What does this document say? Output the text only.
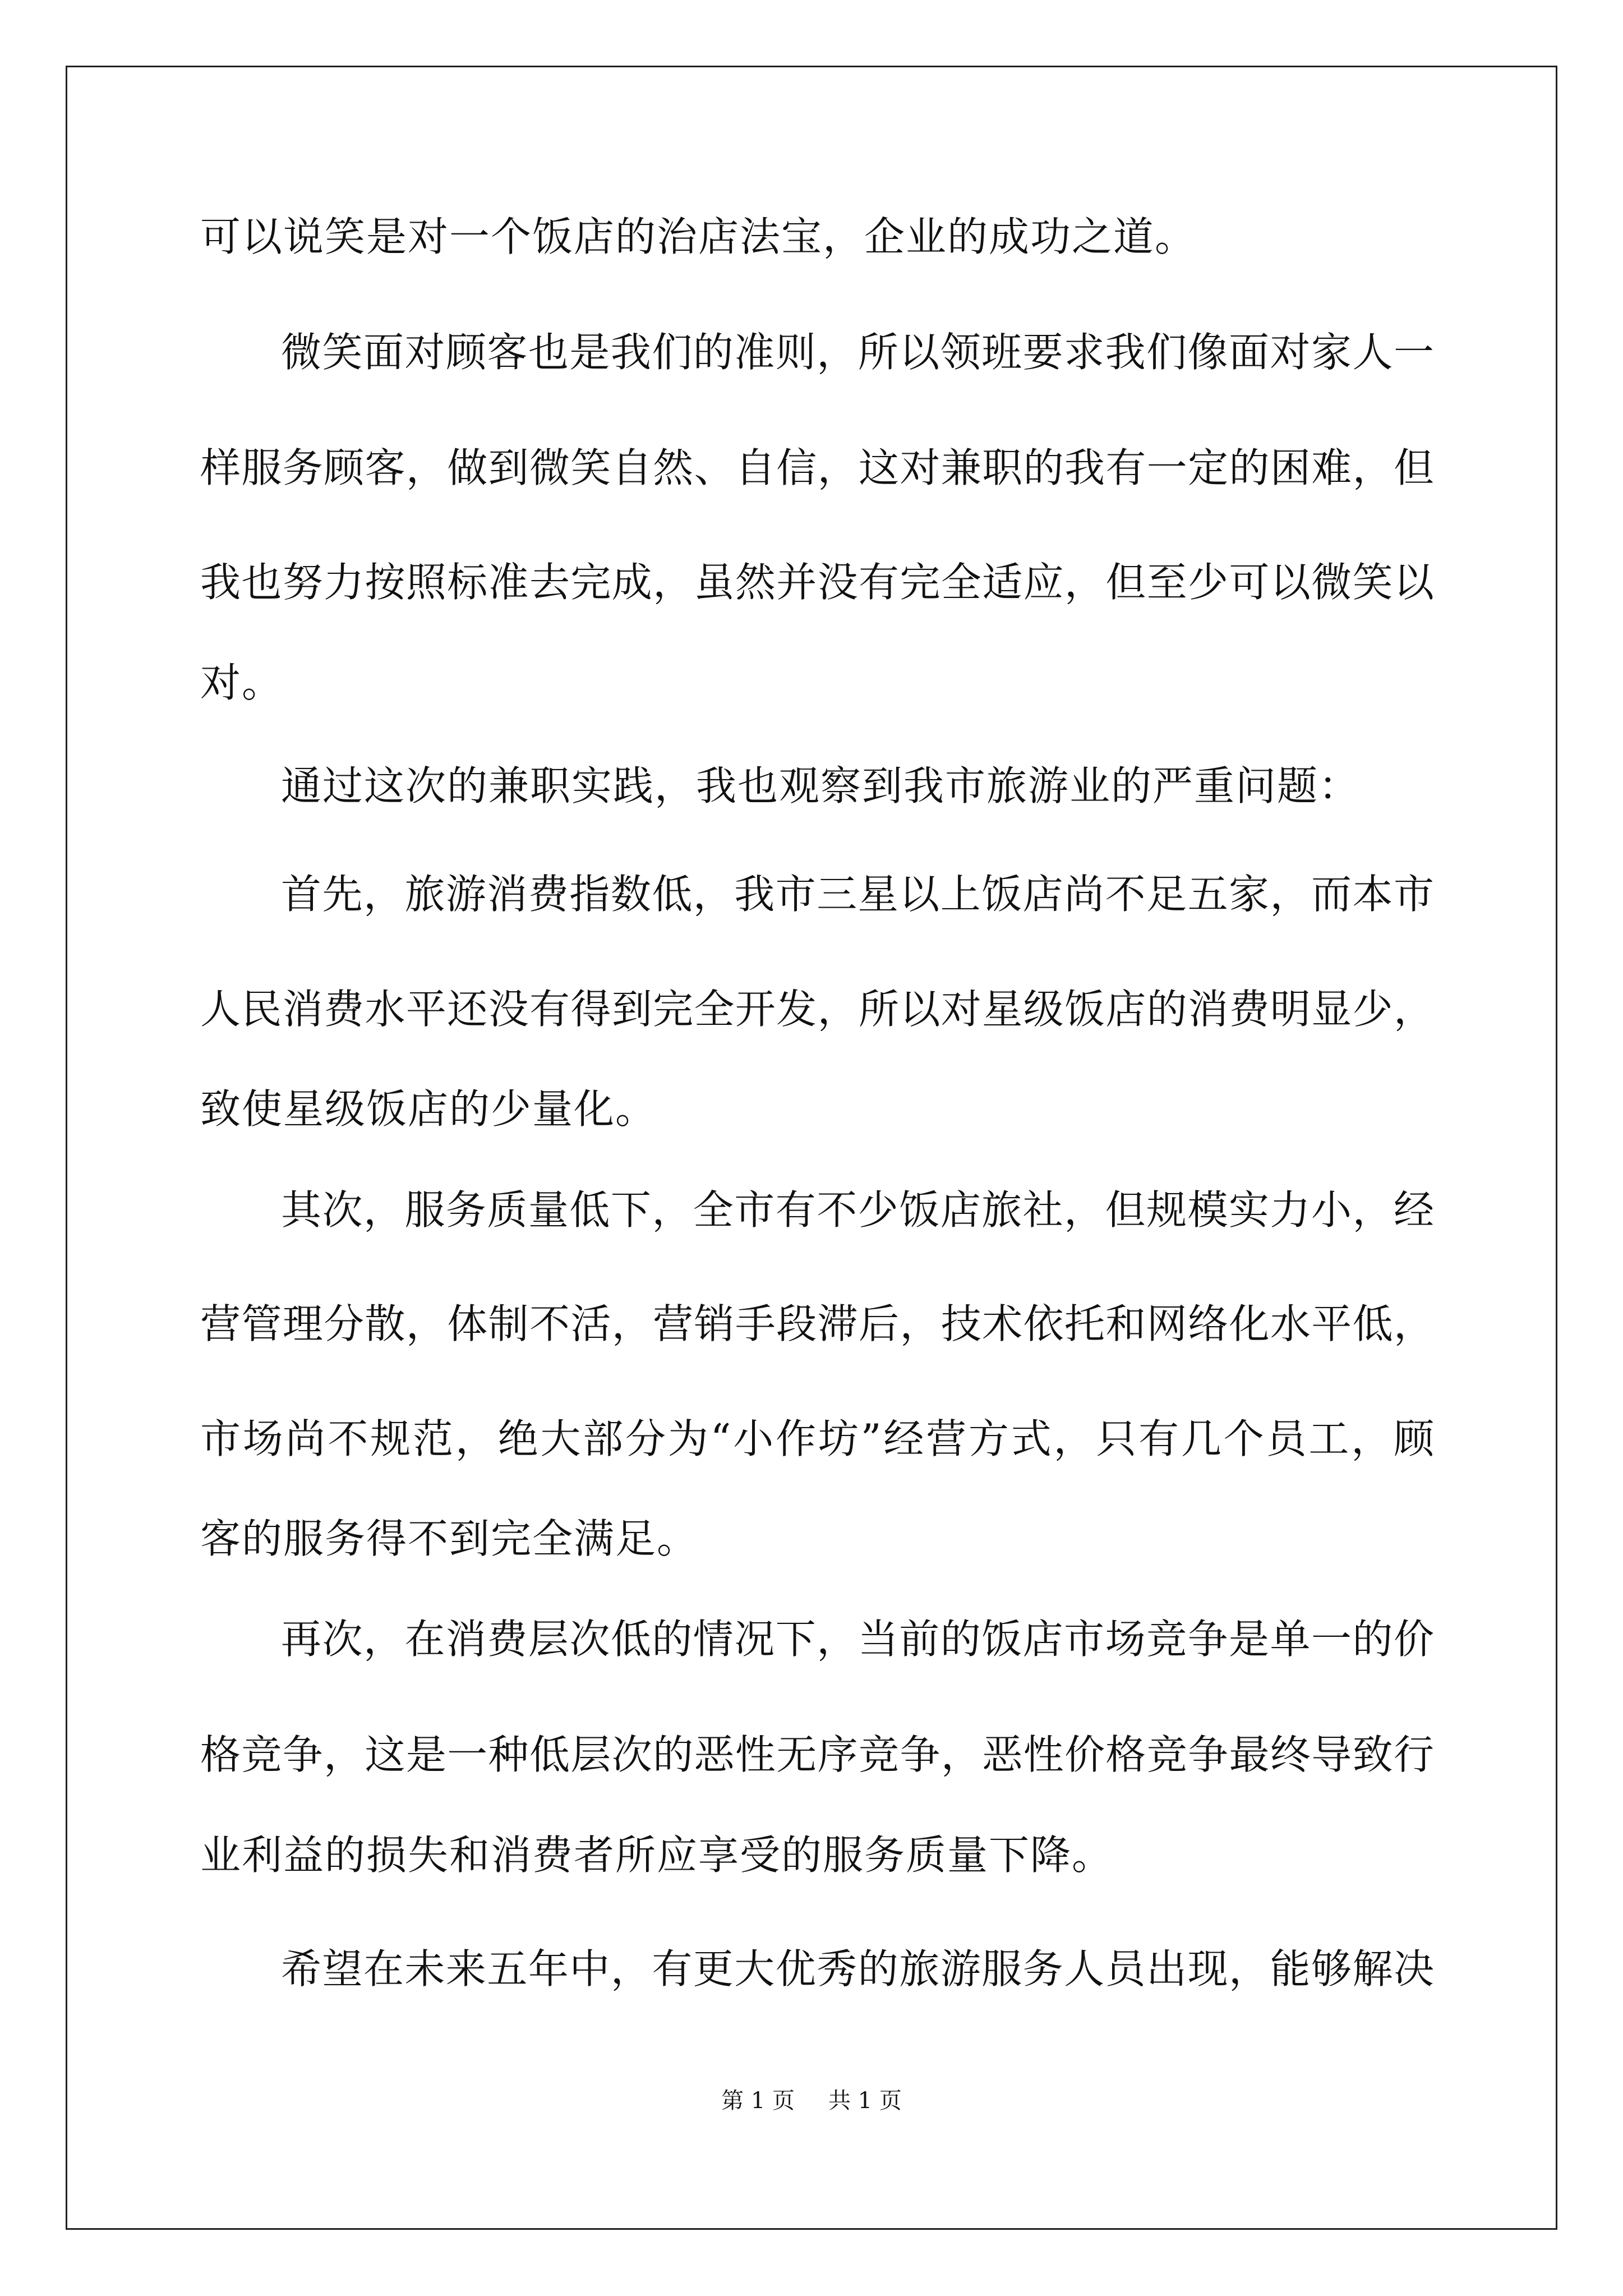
可以说笑是对一个饭店的治店法宝，企业的成功之道。
微笑面对顾客也是我们的准则，所以领班要求我们像面对家人一
样服务顾客，做到微笑自然、自信，这对兼职的我有一定的困难，但
我也努力按照标准去完成，虽然并没有完全适应，但至少可以微笑以
对。
通过这次的兼职实践，我也观察到我市旅游业的严重问题：
首先，旅游消费指数低，我市三星以上饭店尚不足五家，而本市
人民消费水平还没有得到完全开发，所以对星级饭店的消费明显少，
致使星级饭店的少量化。
其次，服务质量低下，全市有不少饭店旅社，但规模实力小，经
营管理分散，体制不活，营销手段滞后，技术依托和网络化水平低，
市场尚不规范，绝大部分为“小作坊”经营方式，只有几个员工，顾
客的服务得不到完全满足。
再次，在消费层次低的情况下，当前的饭店市场竞争是单一的价
格竞争，这是一种低层次的恶性无序竞争，恶性价格竞争最终导致行
业利益的损失和消费者所应享受的服务质量下降。
希望在未来五年中，有更大优秀的旅游服务人员出现，能够解决
第 1 页 共 1 页
